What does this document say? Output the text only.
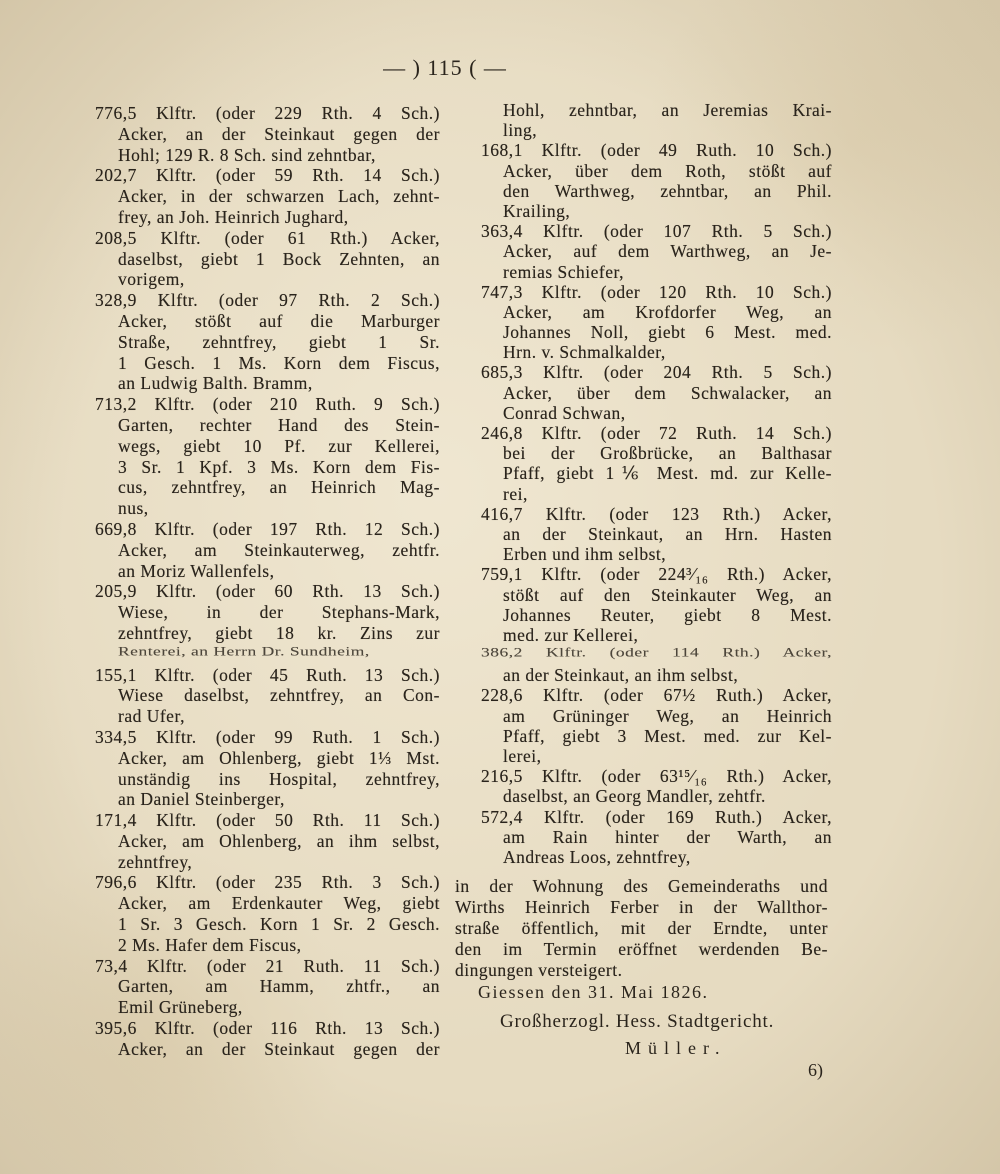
— ) 115 ( —
776,5 Klftr. (oder 229 Rth. 4 Sch.)
Acker, an der Steinkaut gegen der
Hohl; 129 R. 8 Sch. sind zehntbar,
202,7 Klftr. (oder 59 Rth. 14 Sch.)
Acker, in der schwarzen Lach, zehnt-
frey, an Joh. Heinrich Jughard,
208,5 Klftr. (oder 61 Rth.) Acker,
daselbst, giebt 1 Bock Zehnten, an
vorigem,
328,9 Klftr. (oder 97 Rth. 2 Sch.)
Acker, stößt auf die Marburger
Straße, zehntfrey, giebt 1 Sr.
1 Gesch. 1 Ms. Korn dem Fiscus,
an Ludwig Balth. Bramm,
713,2 Klftr. (oder 210 Ruth. 9 Sch.)
Garten, rechter Hand des Stein-
wegs, giebt 10 Pf. zur Kellerei,
3 Sr. 1 Kpf. 3 Ms. Korn dem Fis-
cus, zehntfrey, an Heinrich Mag-
nus,
669,8 Klftr. (oder 197 Rth. 12 Sch.)
Acker, am Steinkauterweg, zehtfr.
an Moriz Wallenfels,
205,9 Klftr. (oder 60 Rth. 13 Sch.)
Wiese, in der Stephans-Mark,
zehntfrey, giebt 18 kr. Zins zur
Renterei, an Herrn Dr. Sundheim,
155,1 Klftr. (oder 45 Ruth. 13 Sch.)
Wiese daselbst, zehntfrey, an Con-
rad Ufer,
334,5 Klftr. (oder 99 Ruth. 1 Sch.)
Acker, am Ohlenberg, giebt 1⅓ Mst.
unständig ins Hospital, zehntfrey,
an Daniel Steinberger,
171,4 Klftr. (oder 50 Rth. 11 Sch.)
Acker, am Ohlenberg, an ihm selbst,
zehntfrey,
796,6 Klftr. (oder 235 Rth. 3 Sch.)
Acker, am Erdenkauter Weg, giebt
1 Sr. 3 Gesch. Korn 1 Sr. 2 Gesch.
2 Ms. Hafer dem Fiscus,
73,4 Klftr. (oder 21 Ruth. 11 Sch.)
Garten, am Hamm, zhtfr., an
Emil Grüneberg,
395,6 Klftr. (oder 116 Rth. 13 Sch.)
Acker, an der Steinkaut gegen der
Hohl, zehntbar, an Jeremias Krai-
ling,
168,1 Klftr. (oder 49 Ruth. 10 Sch.)
Acker, über dem Roth, stößt auf
den Warthweg, zehntbar, an Phil.
Krailing,
363,4 Klftr. (oder 107 Rth. 5 Sch.)
Acker, auf dem Warthweg, an Je-
remias Schiefer,
747,3 Klftr. (oder 120 Rth. 10 Sch.)
Acker, am Krofdorfer Weg, an
Johannes Noll, giebt 6 Mest. med.
Hrn. v. Schmalkalder,
685,3 Klftr. (oder 204 Rth. 5 Sch.)
Acker, über dem Schwalacker, an
Conrad Schwan,
246,8 Klftr. (oder 72 Ruth. 14 Sch.)
bei der Großbrücke, an Balthasar
Pfaff, giebt 1⅙ Mest. md. zur Kelle-
rei,
416,7 Klftr. (oder 123 Rth.) Acker,
an der Steinkaut, an Hrn. Hasten
Erben und ihm selbst,
759,1 Klftr. (oder 224³⁄₁₆ Rth.) Acker,
stößt auf den Steinkauter Weg, an
Johannes Reuter, giebt 8 Mest.
med. zur Kellerei,
386,2 Klftr. (oder 114 Rth.) Acker,
an der Steinkaut, an ihm selbst,
228,6 Klftr. (oder 67½ Ruth.) Acker,
am Grüninger Weg, an Heinrich
Pfaff, giebt 3 Mest. med. zur Kel-
lerei,
216,5 Klftr. (oder 63¹⁵⁄₁₆ Rth.) Acker,
daselbst, an Georg Mandler, zehtfr.
572,4 Klftr. (oder 169 Ruth.) Acker,
am Rain hinter der Warth, an
Andreas Loos, zehntfrey,
in der Wohnung des Gemeinderaths und
Wirths Heinrich Ferber in der Wallthor-
straße öffentlich, mit der Erndte, unter
den im Termin eröffnet werdenden Be-
dingungen versteigert.
Giessen den 31. Mai 1826.
Großherzogl. Hess. Stadtgericht.
Müller.
6)
